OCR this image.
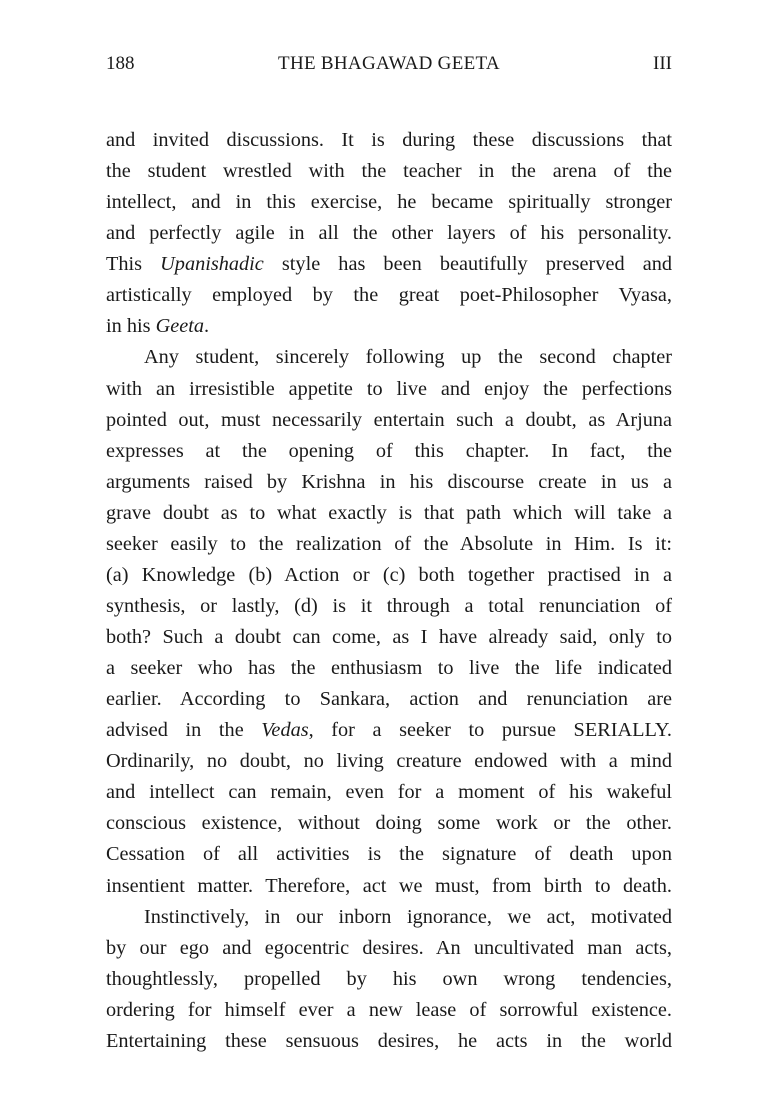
188	THE BHAGAWAD GEETA	III
and invited discussions. It is during these discussions that
the student wrestled with the teacher in the arena of the
intellect, and in this exercise, he became spiritually stronger
and perfectly agile in all the other layers of his personality.
This Upanishadic style has been beautifully preserved and
artistically employed by the great poet-Philosopher Vyasa,
in his Geeta.
Any student, sincerely following up the second chapter
with an irresistible appetite to live and enjoy the perfections
pointed out, must necessarily entertain such a doubt, as Arjuna
expresses at the opening of this chapter. In fact, the
arguments raised by Krishna in his discourse create in us a
grave doubt as to what exactly is that path which will take a
seeker easily to the realization of the Absolute in Him. Is it:
(a) Knowledge (b) Action or (c) both together practised in a
synthesis, or lastly, (d) is it through a total renunciation of
both? Such a doubt can come, as I have already said, only to
a seeker who has the enthusiasm to live the life indicated
earlier. According to Sankara, action and renunciation are
advised in the Vedas, for a seeker to pursue SERIALLY.
Ordinarily, no doubt, no living creature endowed with a mind
and intellect can remain, even for a moment of his wakeful
conscious existence, without doing some work or the other.
Cessation of all activities is the signature of death upon
insentient matter. Therefore, act we must, from birth to death.
Instinctively, in our inborn ignorance, we act, motivated
by our ego and egocentric desires. An uncultivated man acts,
thoughtlessly, propelled by his own wrong tendencies,
ordering for himself ever a new lease of sorrowful existence.
Entertaining these sensuous desires, he acts in the world
